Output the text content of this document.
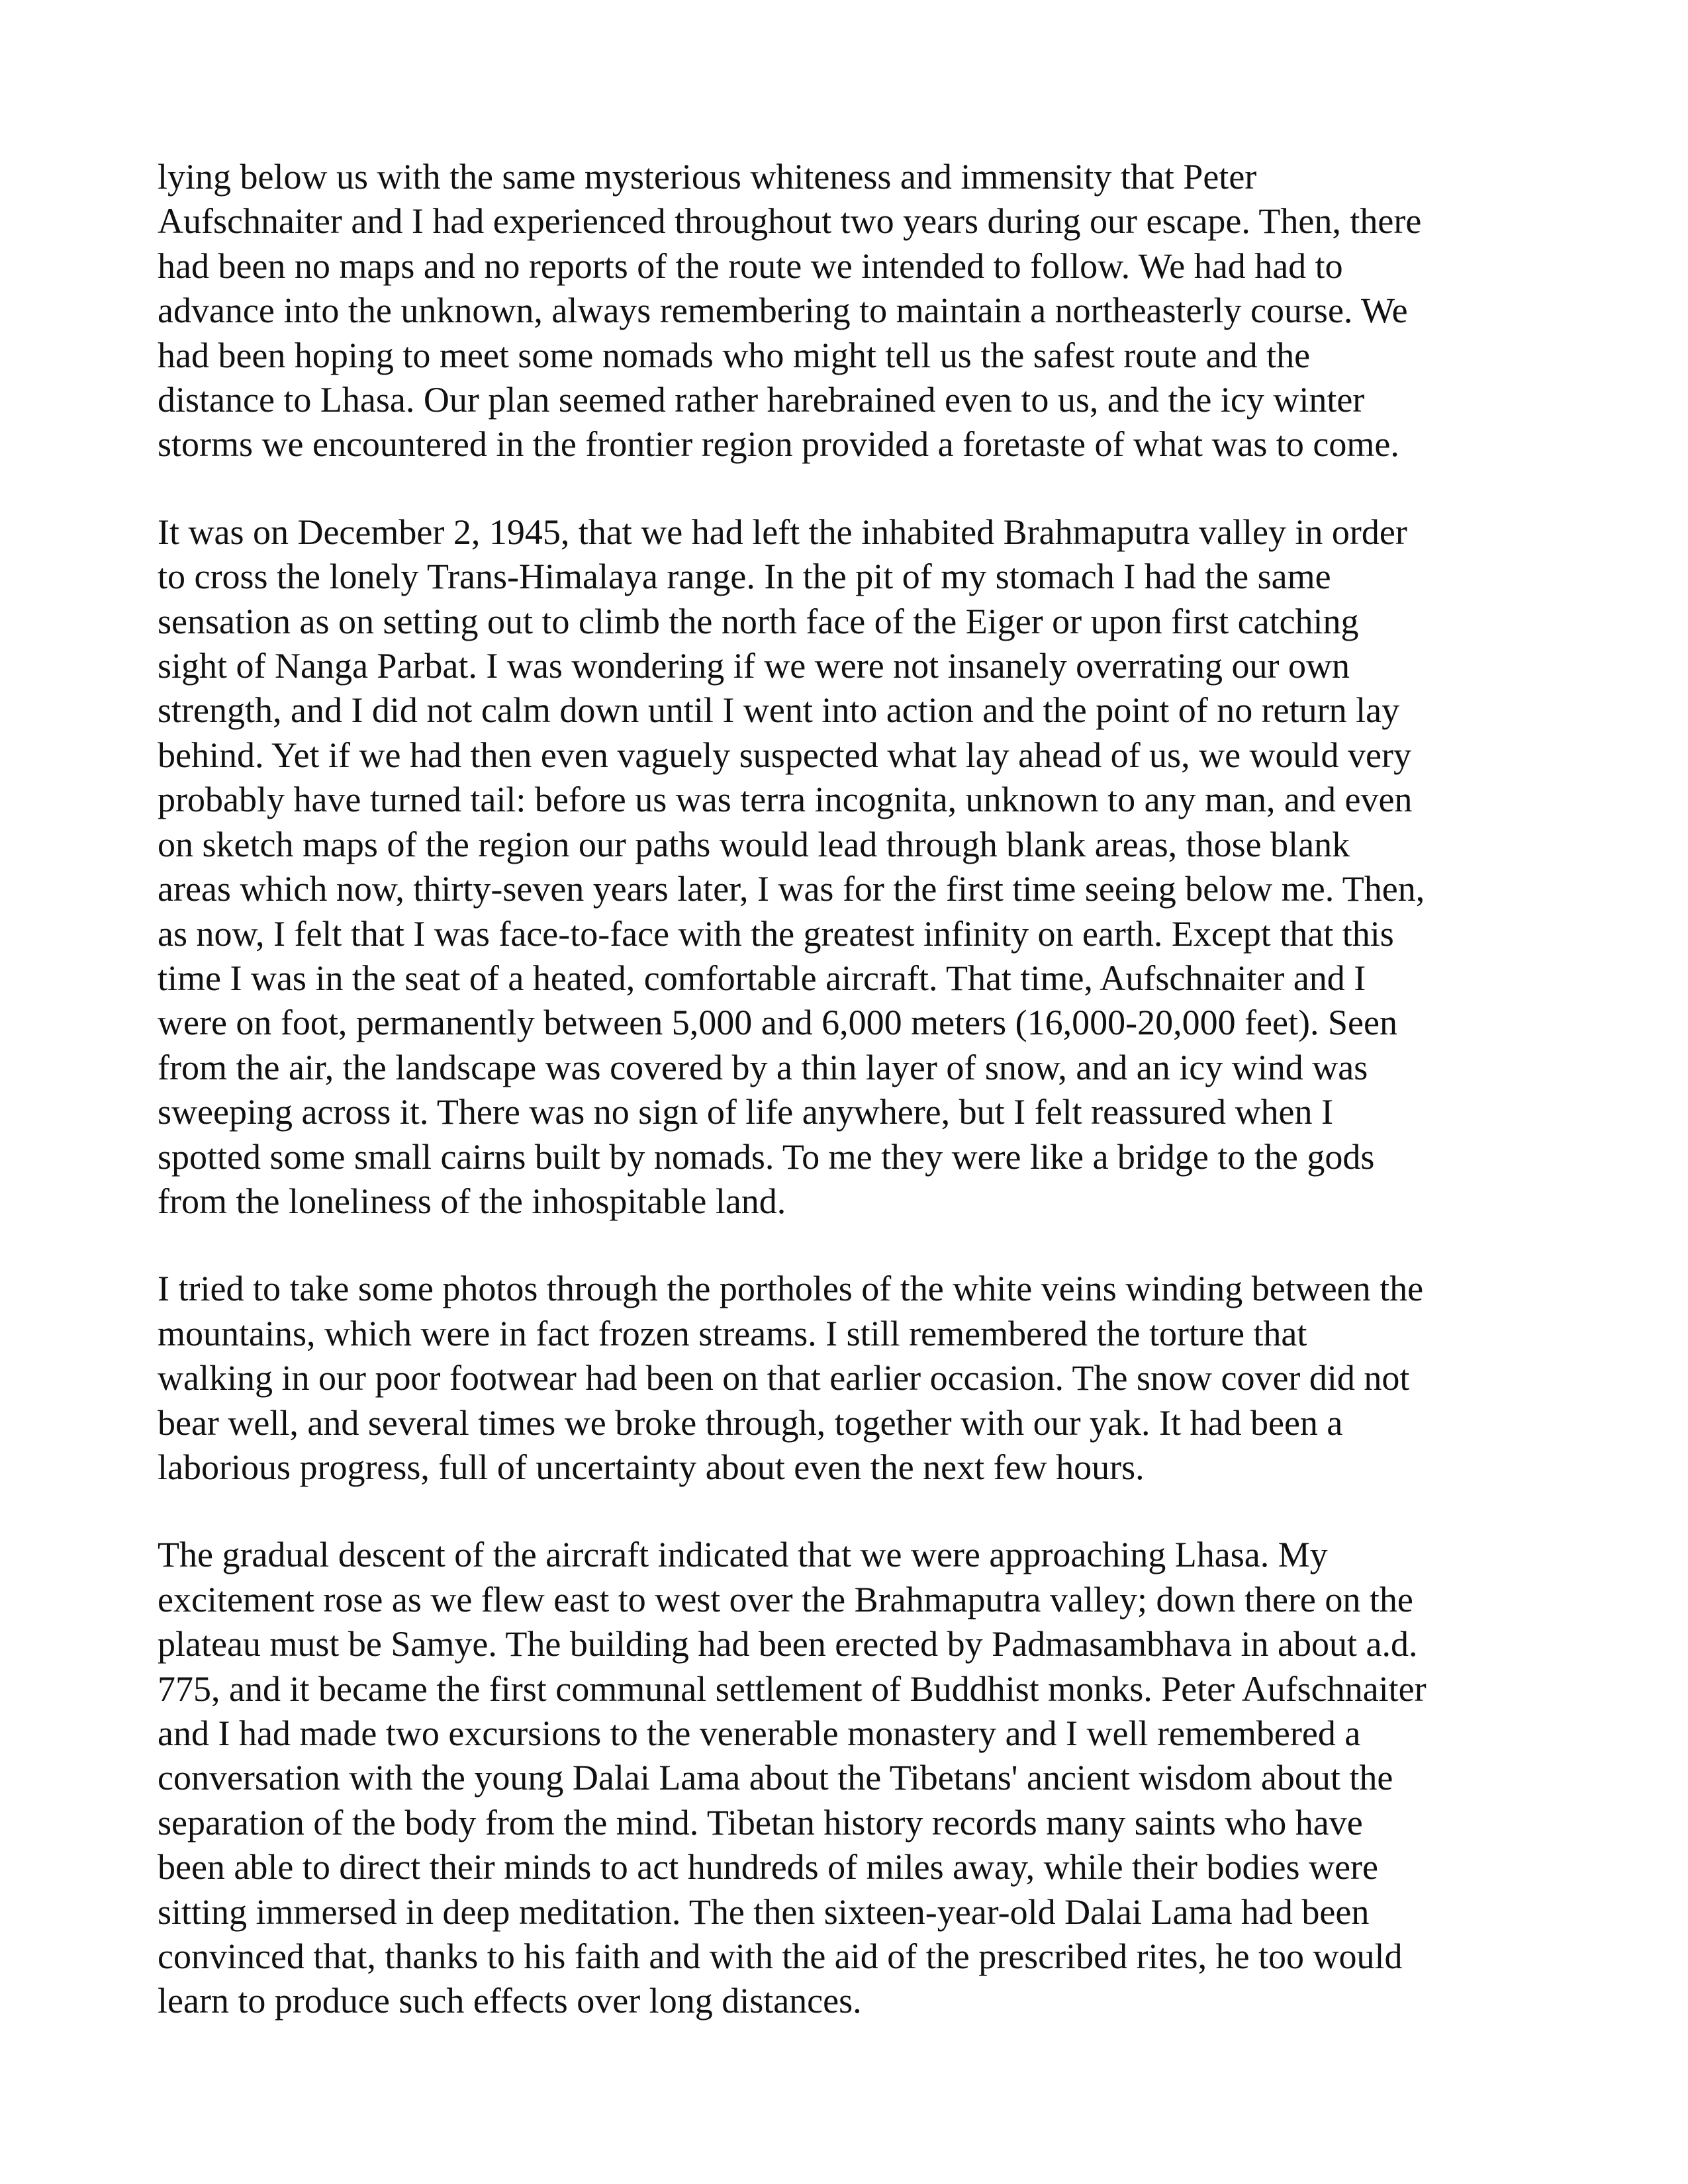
lying below us with the same mysterious whiteness and immensity that Peter
Aufschnaiter and I had experienced throughout two years during our escape. Then, there
had been no maps and no reports of the route we intended to follow. We had had to
advance into the unknown, always remembering to maintain a northeasterly course. We
had been hoping to meet some nomads who might tell us the safest route and the
distance to Lhasa. Our plan seemed rather harebrained even to us, and the icy winter
storms we encountered in the frontier region provided a foretaste of what was to come.

It was on December 2, 1945, that we had left the inhabited Brahmaputra valley in order
to cross the lonely Trans-Himalaya range. In the pit of my stomach I had the same
sensation as on setting out to climb the north face of the Eiger or upon first catching
sight of Nanga Parbat. I was wondering if we were not insanely overrating our own
strength, and I did not calm down until I went into action and the point of no return lay
behind. Yet if we had then even vaguely suspected what lay ahead of us, we would very
probably have turned tail: before us was terra incognita, unknown to any man, and even
on sketch maps of the region our paths would lead through blank areas, those blank
areas which now, thirty-seven years later, I was for the first time seeing below me. Then,
as now, I felt that I was face-to-face with the greatest infinity on earth. Except that this
time I was in the seat of a heated, comfortable aircraft. That time, Aufschnaiter and I
were on foot, permanently between 5,000 and 6,000 meters (16,000-20,000 feet). Seen
from the air, the landscape was covered by a thin layer of snow, and an icy wind was
sweeping across it. There was no sign of life anywhere, but I felt reassured when I
spotted some small cairns built by nomads. To me they were like a bridge to the gods
from the loneliness of the inhospitable land.

I tried to take some photos through the portholes of the white veins winding between the
mountains, which were in fact frozen streams. I still remembered the torture that
walking in our poor footwear had been on that earlier occasion. The snow cover did not
bear well, and several times we broke through, together with our yak. It had been a
laborious progress, full of uncertainty about even the next few hours.

The gradual descent of the aircraft indicated that we were approaching Lhasa. My
excitement rose as we flew east to west over the Brahmaputra valley; down there on the
plateau must be Samye. The building had been erected by Padmasambhava in about a.d.
775, and it became the first communal settlement of Buddhist monks. Peter Aufschnaiter
and I had made two excursions to the venerable monastery and I well remembered a
conversation with the young Dalai Lama about the Tibetans' ancient wisdom about the
separation of the body from the mind. Tibetan history records many saints who have
been able to direct their minds to act hundreds of miles away, while their bodies were
sitting immersed in deep meditation. The then sixteen-year-old Dalai Lama had been
convinced that, thanks to his faith and with the aid of the prescribed rites, he too would
learn to produce such effects over long distances.
